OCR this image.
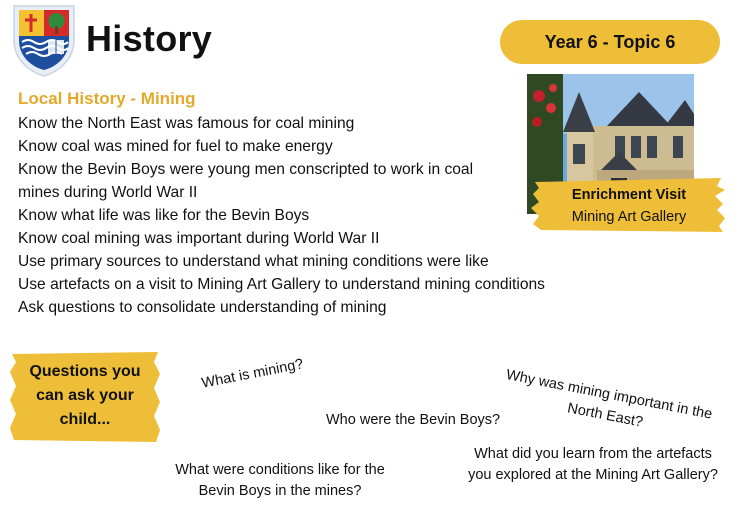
History	Year 6 - Topic 6
Local History - Mining
Know the North East was famous for coal mining
Know coal was mined for fuel to make energy
Know the Bevin Boys were young men conscripted to work in coal
mines during World War II
Know what life was like for the Bevin Boys
Know coal mining was important during World War II
Use primary sources to understand what mining conditions were like
Use artefacts on a visit to Mining Art Gallery to understand mining conditions
Ask questions to consolidate understanding of mining
Enrichment Visit
Mining Art Gallery
Questions you can ask your child...
What is mining?	Why was mining important in the North East?
Who were the Bevin Boys?
What were conditions like for the Bevin Boys in the mines?
What did you learn from the artefacts you explored at the Mining Art Gallery?
